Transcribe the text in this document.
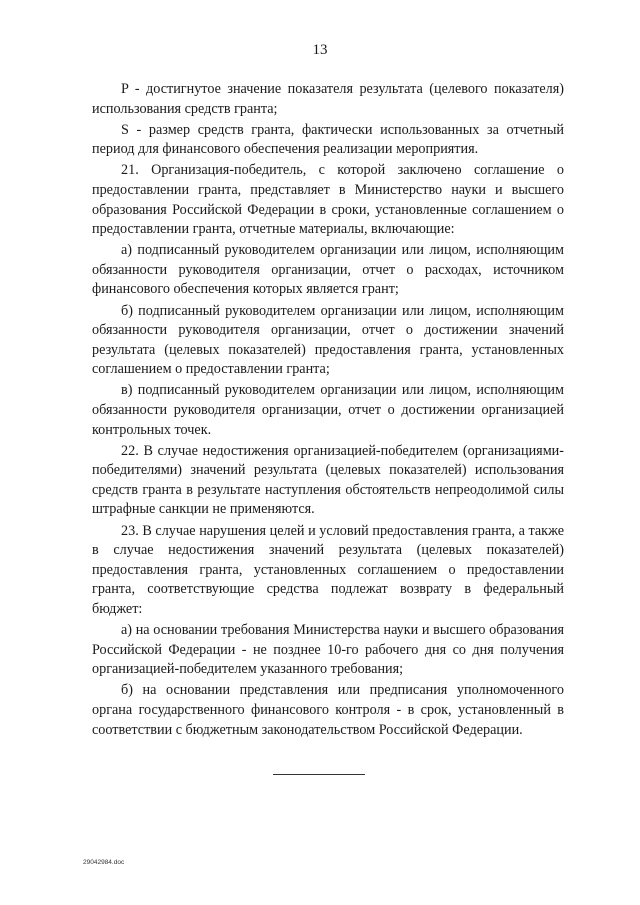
13

P - достигнутое значение показателя результата (целевого показателя) использования средств гранта;

S - размер средств гранта, фактически использованных за отчетный период для финансового обеспечения реализации мероприятия.

21. Организация-победитель, с которой заключено соглашение о предоставлении гранта, представляет в Министерство науки и высшего образования Российской Федерации в сроки, установленные соглашением о предоставлении гранта, отчетные материалы, включающие:

а) подписанный руководителем организации или лицом, исполняющим обязанности руководителя организации, отчет о расходах, источником финансового обеспечения которых является грант;

б) подписанный руководителем организации или лицом, исполняющим обязанности руководителя организации, отчет о достижении значений результата (целевых показателей) предоставления гранта, установленных соглашением о предоставлении гранта;

в) подписанный руководителем организации или лицом, исполняющим обязанности руководителя организации, отчет о достижении организацией контрольных точек.

22. В случае недостижения организацией-победителем (организациями-победителями) значений результата (целевых показателей) использования средств гранта в результате наступления обстоятельств непреодолимой силы штрафные санкции не применяются.

23. В случае нарушения целей и условий предоставления гранта, а также в случае недостижения значений результата (целевых показателей) предоставления гранта, установленных соглашением о предоставлении гранта, соответствующие средства подлежат возврату в федеральный бюджет:

а) на основании требования Министерства науки и высшего образования Российской Федерации - не позднее 10-го рабочего дня со дня получения организацией-победителем указанного требования;

б) на основании представления или предписания уполномоченного органа государственного финансового контроля - в срок, установленный в соответствии с бюджетным законодательством Российской Федерации.

29042984.doc
